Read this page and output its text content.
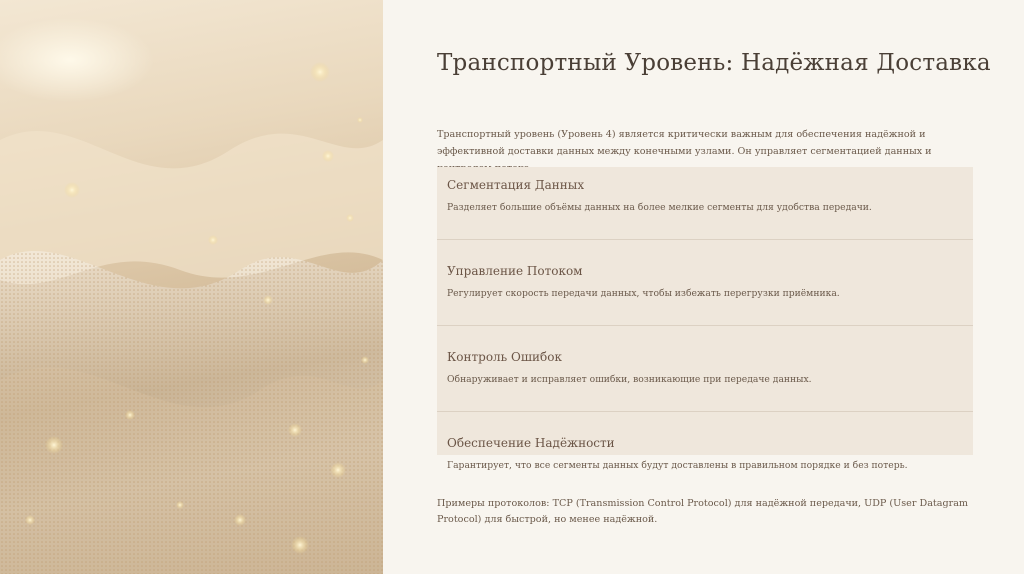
Транспортный Уровень: Надёжная Доставка

Транспортный уровень (Уровень 4) является критически важным для обеспечения надёжной и эффективной доставки данных между конечными узлами. Он управляет сегментацией данных и

Сегментация Данных
Разделяет большие объёмы данных на более мелкие сегменты для удобства передачи.
Управление Потоком
Регулирует скорость передачи данных, чтобы избежать перегрузки приёмника.
Контроль Ошибок
Обнаруживает и исправляет ошибки, возникающие при передаче данных.
Обеспечение Надёжности
Гарантирует, что все сегменты данных будут доставлены в правильном порядке и без потерь.

Примеры протоколов: TCP (Transmission Control Protocol) для надёжной передачи, UDP (User Datagram Protocol) для быстрой, но менее надёжной.
